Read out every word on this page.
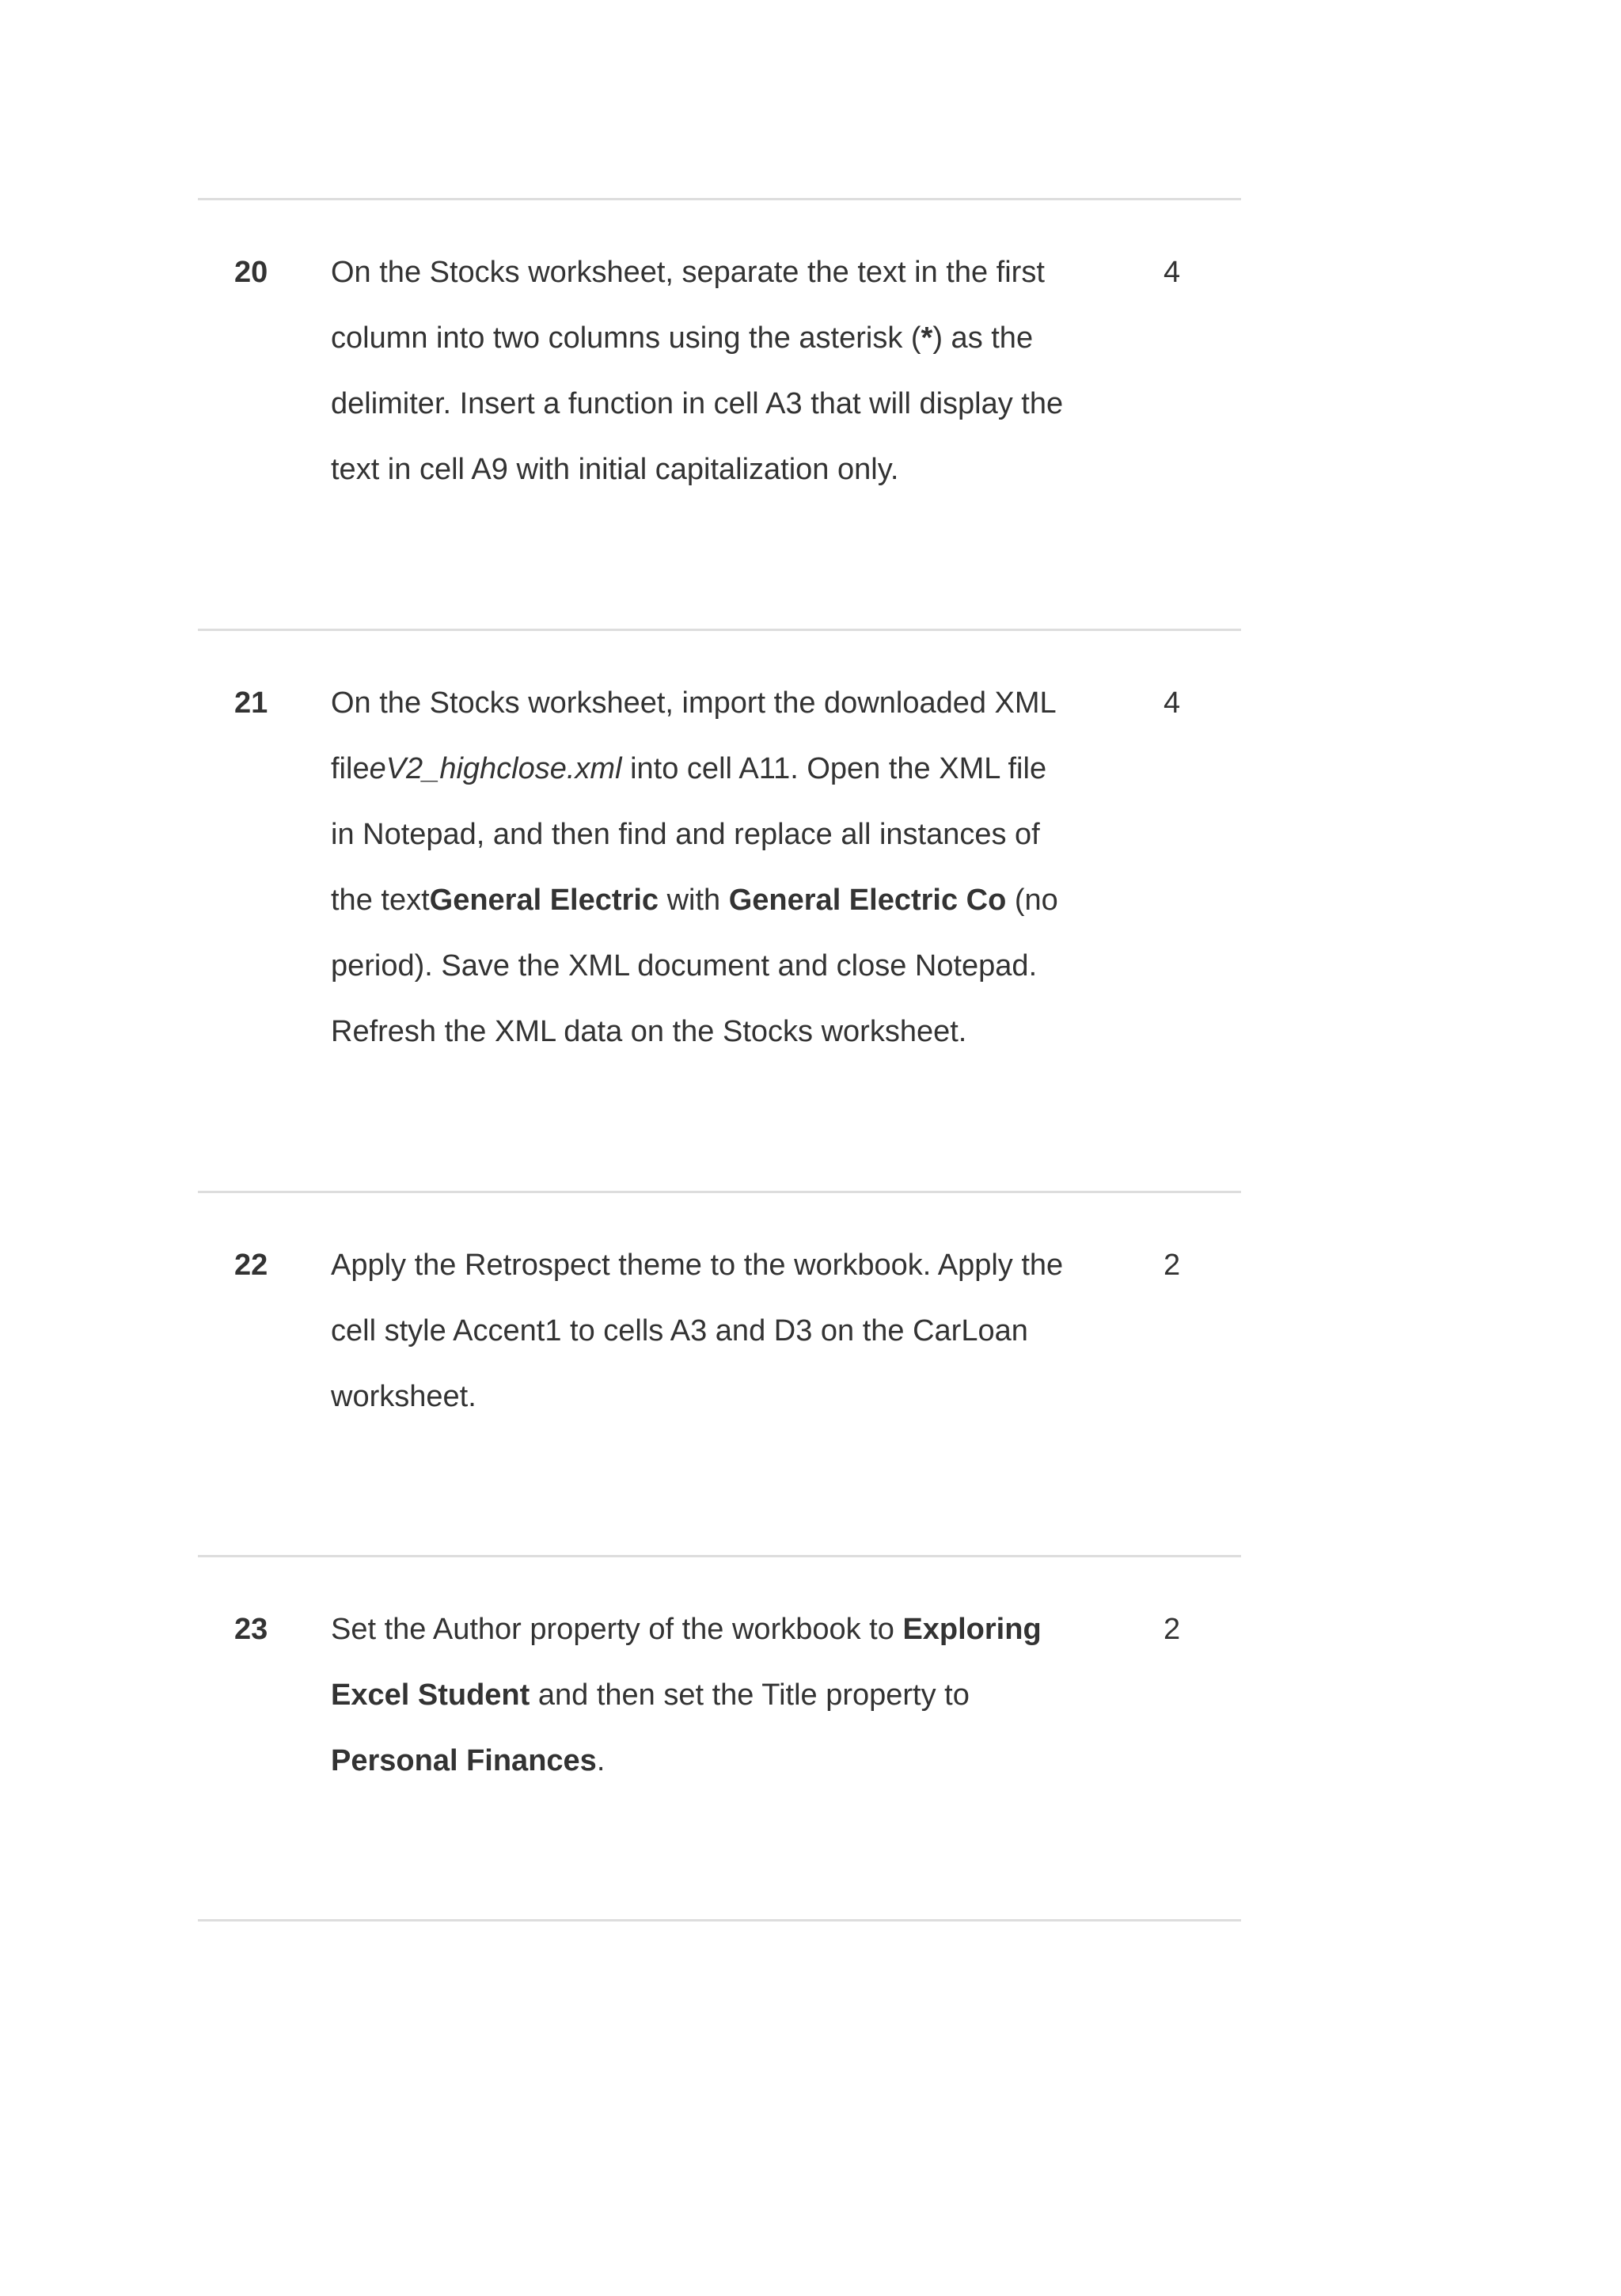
20 On the Stocks worksheet, separate the text in the first
column into two columns using the asterisk (*) as the
delimiter. Insert a function in cell A3 that will display the
text in cell A9 with initial capitalization only.
4
21 On the Stocks worksheet, import the downloaded XML
fileeV2_highclose.xml into cell A11. Open the XML file
in Notepad, and then find and replace all instances of
the textGeneral Electric with General Electric Co (no
period). Save the XML document and close Notepad.
Refresh the XML data on the Stocks worksheet.
4
22 Apply the Retrospect theme to the workbook. Apply the
cell style Accent1 to cells A3 and D3 on the CarLoan
worksheet.
2
23 Set the Author property of the workbook to Exploring
Excel Student and then set the Title property to
Personal Finances.
2
